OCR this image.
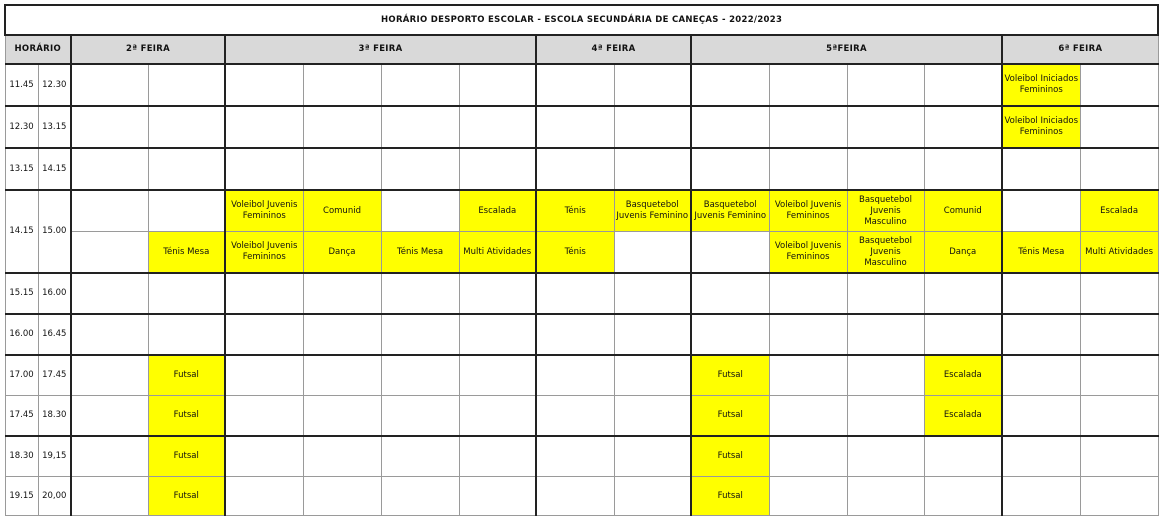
HORÁRIO DESPORTO ESCOLAR - ESCOLA SECUNDÁRIA DE CANEÇAS - 2022/2023															
HORÁRIO		2ª FEIRA		3ª FEIRA				4ª FEIRA		5ªFEIRA				6ª FEIRA	
11.45	12.30													Voleibol Iniciados Femininos	
12.30	13.15													Voleibol Iniciados Femininos	
13.15	14.15														
14.15	15.00			Voleibol Juvenis Femininos	Comunid		Escalada	Ténis	Basquetebol Juvenis Feminino	Basquetebol Juvenis Feminino	Voleibol Juvenis Femininos	Basquetebol Juvenis Masculino	Comunid		Escalada
			Ténis Mesa	Voleibol Juvenis Femininos	Dança	Ténis Mesa	Multi Atividades	Ténis			Voleibol Juvenis Femininos	Basquetebol Juvenis Masculino	Dança	Ténis Mesa	Multi Atividades
15.15	16.00														
16.00	16.45														
17.00	17.45		Futsal							Futsal			Escalada		
17.45	18.30		Futsal							Futsal			Escalada		
18.30	19,15		Futsal							Futsal					
19.15	20,00		Futsal							Futsal					
